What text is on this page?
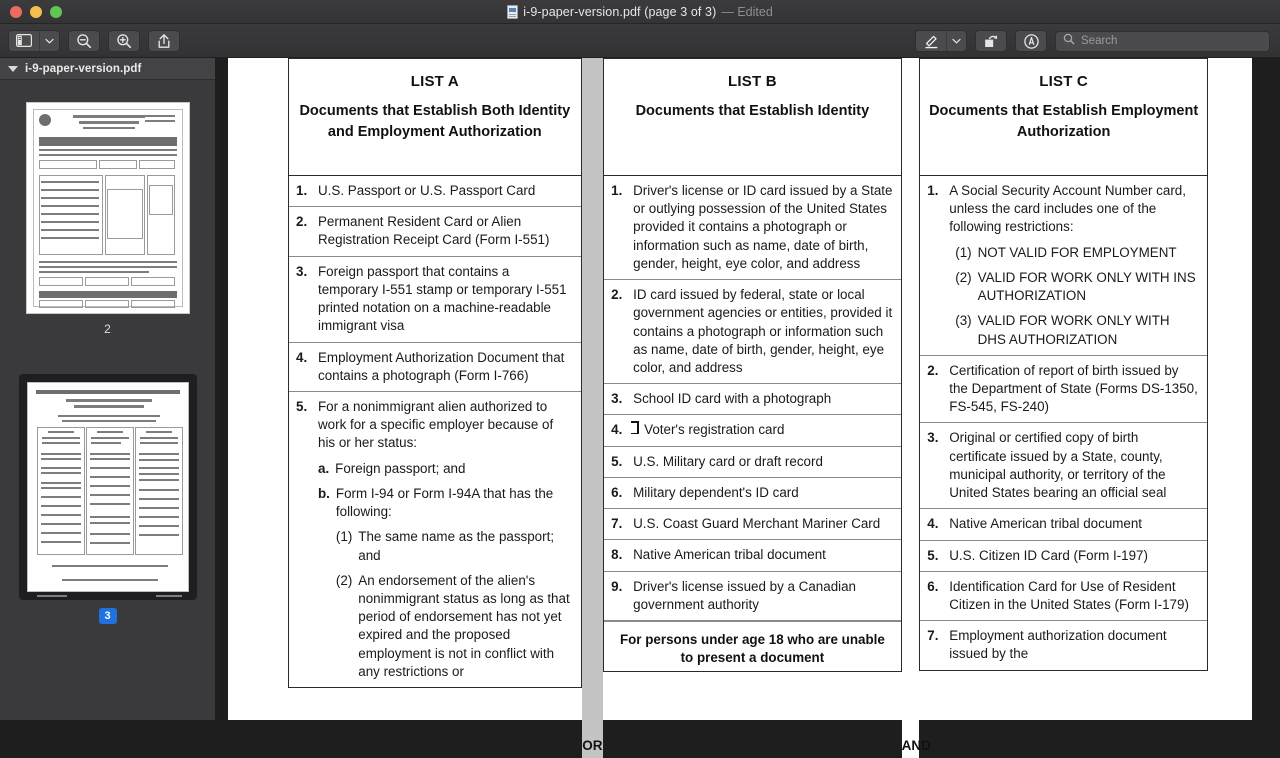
i-9-paper-version.pdf (page 3 of 3) — Edited
Search
i-9-paper-version.pdf
2
3
LIST A
Documents that Establish Both Identity and Employment Authorization
1. U.S. Passport or U.S. Passport Card
2. Permanent Resident Card or Alien Registration Receipt Card (Form I-551)
3. Foreign passport that contains a temporary I-551 stamp or temporary I-551 printed notation on a machine-readable immigrant visa
4. Employment Authorization Document that contains a photograph (Form I-766)
5. For a nonimmigrant alien authorized to work for a specific employer because of his or her status:
a. Foreign passport; and
b. Form I-94 or Form I-94A that has the following:
(1) The same name as the passport; and
(2) An endorsement of the alien's nonimmigrant status as long as that period of endorsement has not yet expired and the proposed employment is not in conflict with any restrictions or
OR
LIST B
Documents that Establish Identity
1. Driver's license or ID card issued by a State or outlying possession of the United States provided it contains a photograph or information such as name, date of birth, gender, height, eye color, and address
2. ID card issued by federal, state or local government agencies or entities, provided it contains a photograph or information such as name, date of birth, gender, height, eye color, and address
3. School ID card with a photograph
4. Voter's registration card
5. U.S. Military card or draft record
6. Military dependent's ID card
7. U.S. Coast Guard Merchant Mariner Card
8. Native American tribal document
9. Driver's license issued by a Canadian government authority
For persons under age 18 who are unable to present a document
AND
LIST C
Documents that Establish Employment Authorization
1. A Social Security Account Number card, unless the card includes one of the following restrictions:
(1) NOT VALID FOR EMPLOYMENT
(2) VALID FOR WORK ONLY WITH INS AUTHORIZATION
(3) VALID FOR WORK ONLY WITH DHS AUTHORIZATION
2. Certification of report of birth issued by the Department of State (Forms DS-1350, FS-545, FS-240)
3. Original or certified copy of birth certificate issued by a State, county, municipal authority, or territory of the United States bearing an official seal
4. Native American tribal document
5. U.S. Citizen ID Card (Form I-197)
6. Identification Card for Use of Resident Citizen in the United States (Form I-179)
7. Employment authorization document issued by the
